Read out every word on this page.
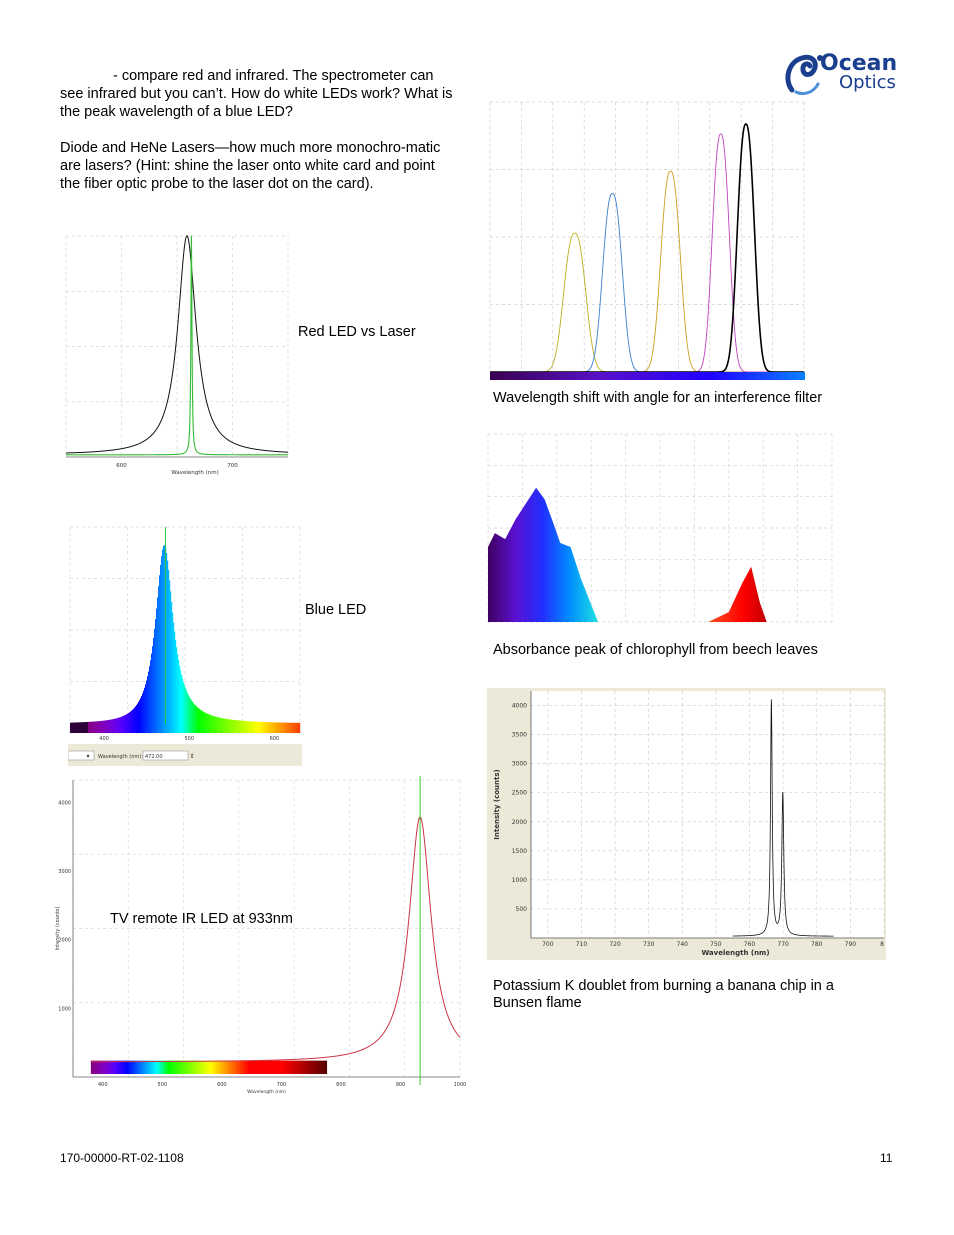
Ocean
Optics

- compare red and infrared. The spectrometer can see infrared but you can’t. How do white LEDs work? What is the peak wavelength of a blue LED?

Diode and HeNe Lasers—how much more monochro-matic are lasers? (Hint: shine the laser onto white card and point the fiber optic probe to the laser dot on the card).

600	700
Wavelength (nm)
Red LED vs Laser
400	500	600
▾ Wavelength (nm): 472.00	⇕
Blue LED
400	500	600	700	800	900	1000
4000
3000
2000
1000
Wavelength (nm)
Intensity (counts)	TV remote IR LED at 933nm
Wavelength shift with angle for an interference filter
Absorbance peak of chlorophyll from beech leaves
700	710	720	730	740	750	760	770	780	790	8
4000
3500
3000
2500
2000
1500
1000
500
Wavelength (nm)
Intensity (counts)
Potassium K doublet from burning a banana chip in a Bunsen flame
170-00000-RT-02-1108	11
